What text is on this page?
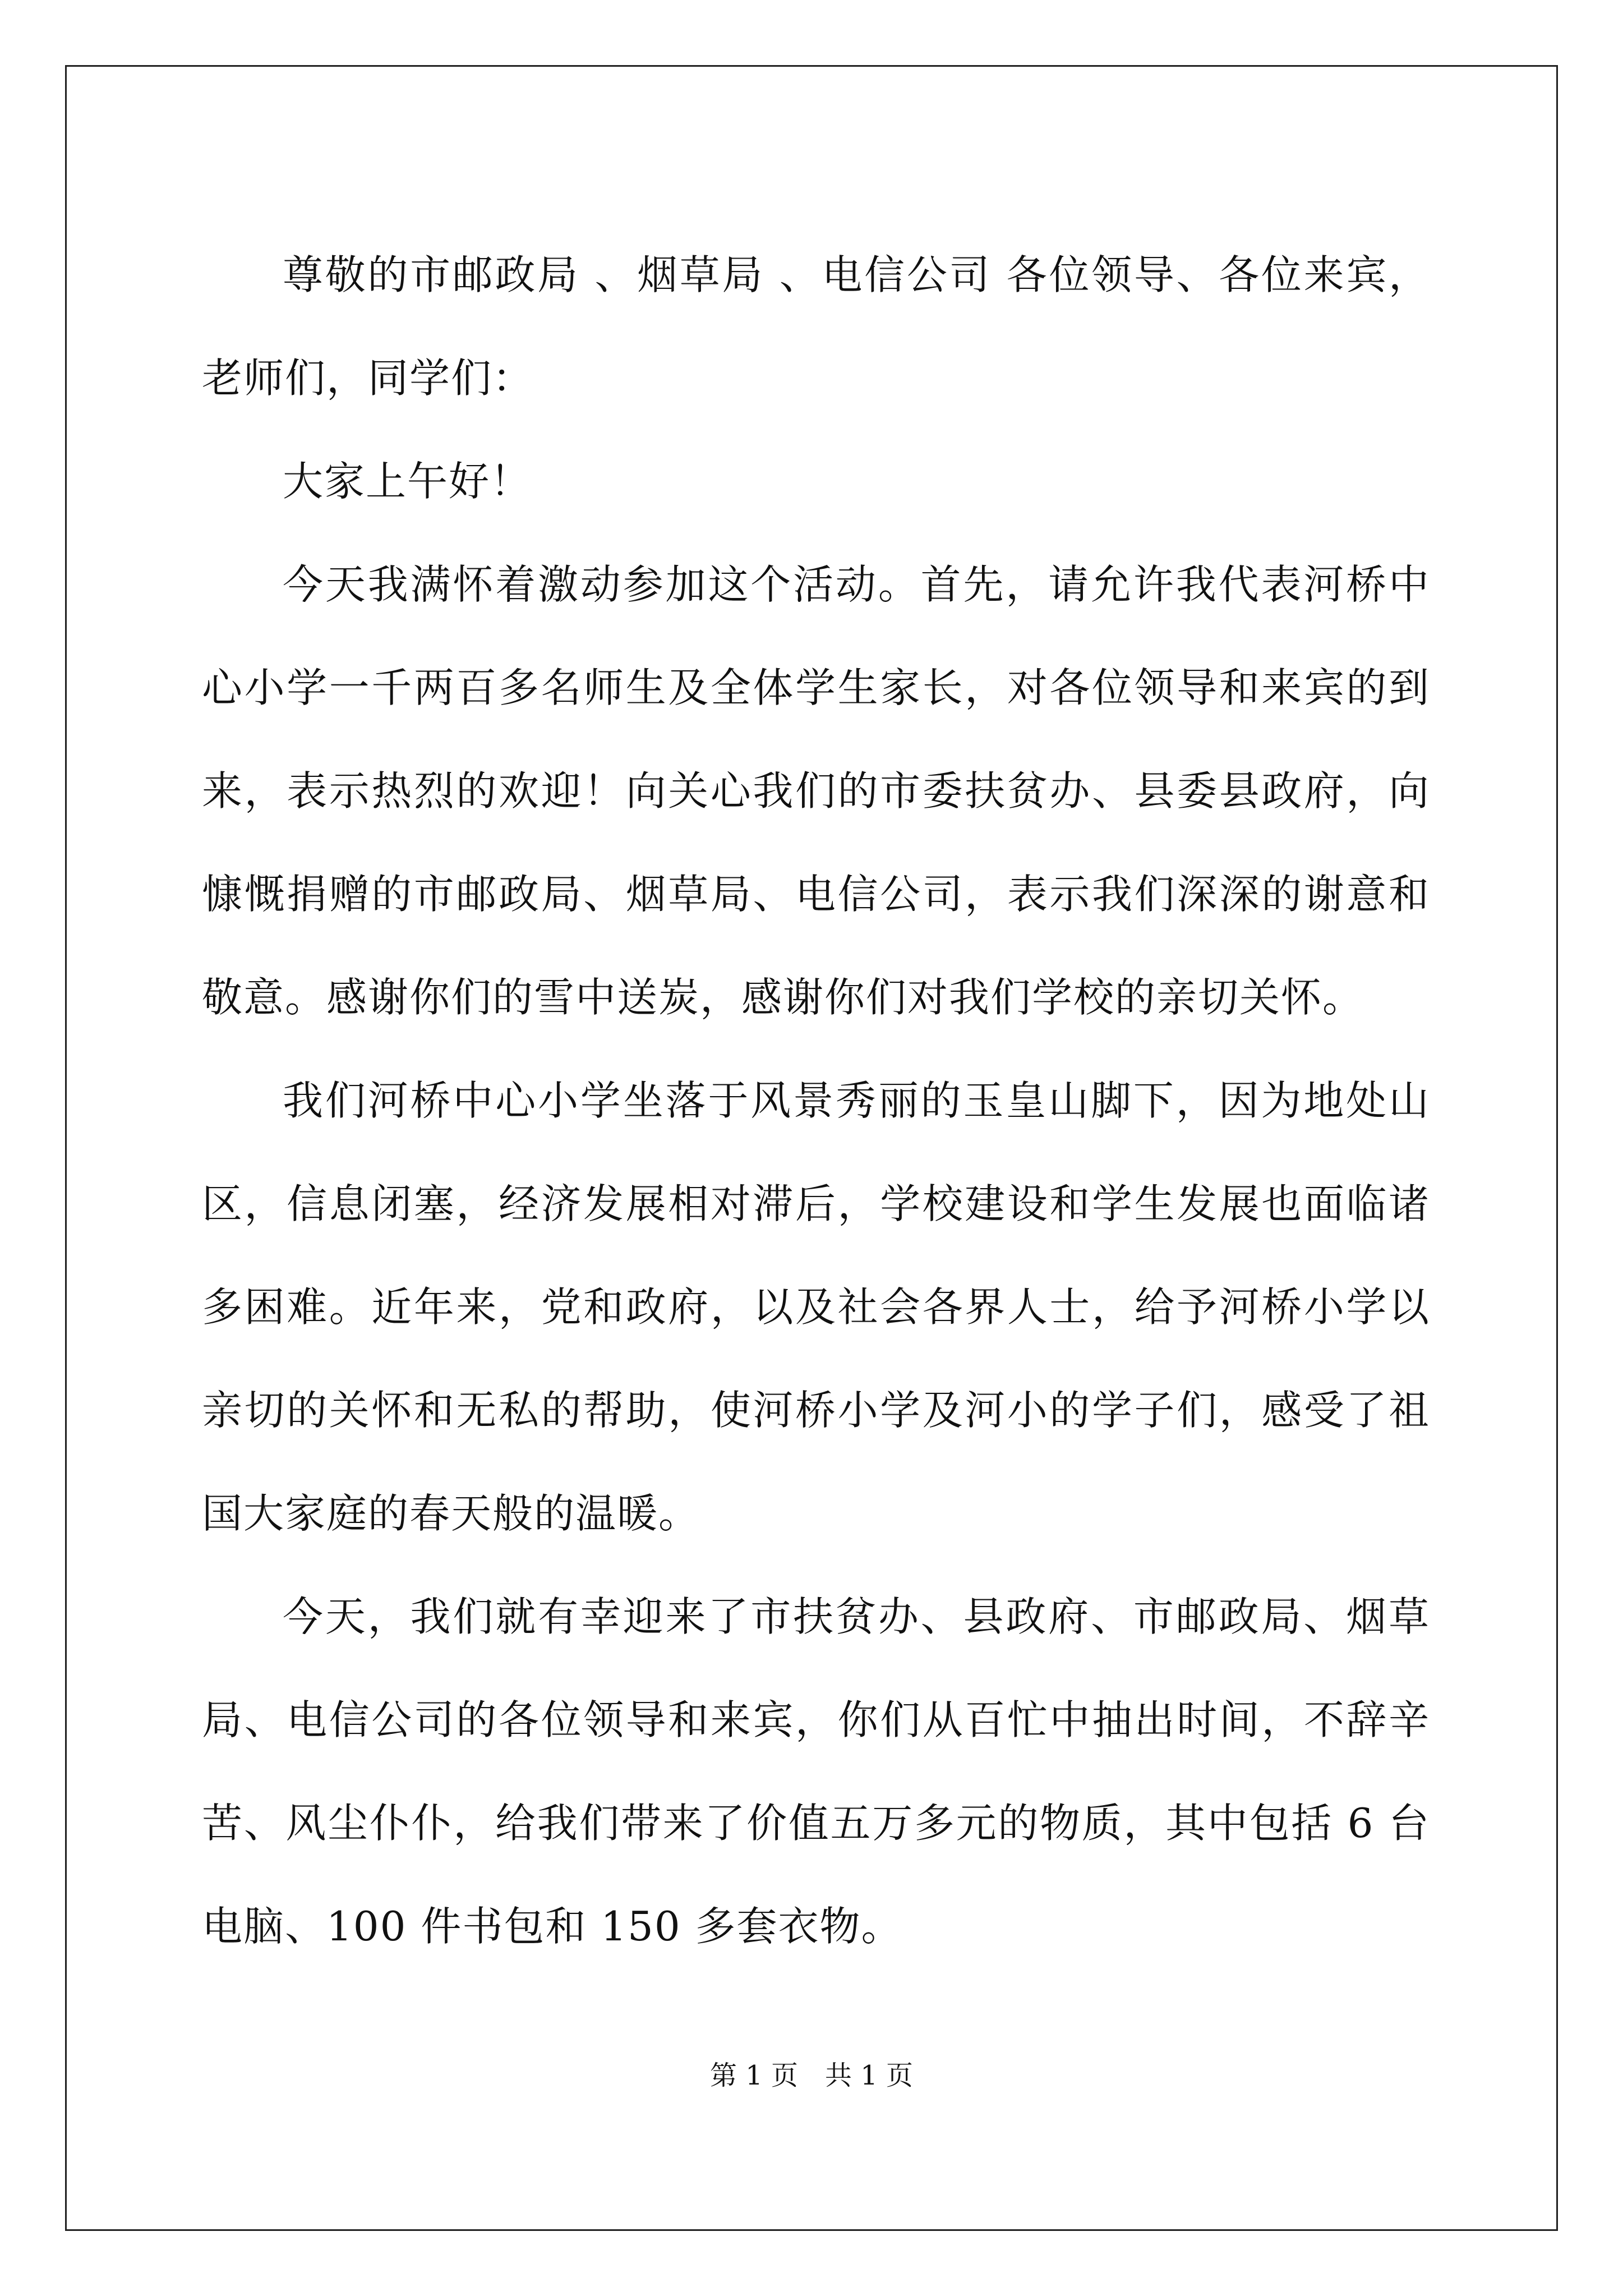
尊敬的市邮政局 、烟草局 、电信公司 各位领导、各位来宾，老师们，同学们：

大家上午好！

今天我满怀着激动参加这个活动。首先，请允许我代表河桥中心小学一千两百多名师生及全体学生家长，对各位领导和来宾的到来，表示热烈的欢迎！向关心我们的市委扶贫办、县委县政府，向慷慨捐赠的市邮政局、烟草局、电信公司，表示我们深深的谢意和敬意。感谢你们的雪中送炭，感谢你们对我们学校的亲切关怀。

我们河桥中心小学坐落于风景秀丽的玉皇山脚下，因为地处山区，信息闭塞，经济发展相对滞后，学校建设和学生发展也面临诸多困难。近年来，党和政府，以及社会各界人士，给予河桥小学以亲切的关怀和无私的帮助，使河桥小学及河小的学子们，感受了祖国大家庭的春天般的温暖。

今天，我们就有幸迎来了市扶贫办、县政府、市邮政局、烟草局、电信公司的各位领导和来宾，你们从百忙中抽出时间，不辞辛苦、风尘仆仆，给我们带来了价值五万多元的物质，其中包括 6 台电脑、100 件书包和 150 多套衣物。

第 1 页　共 1 页
